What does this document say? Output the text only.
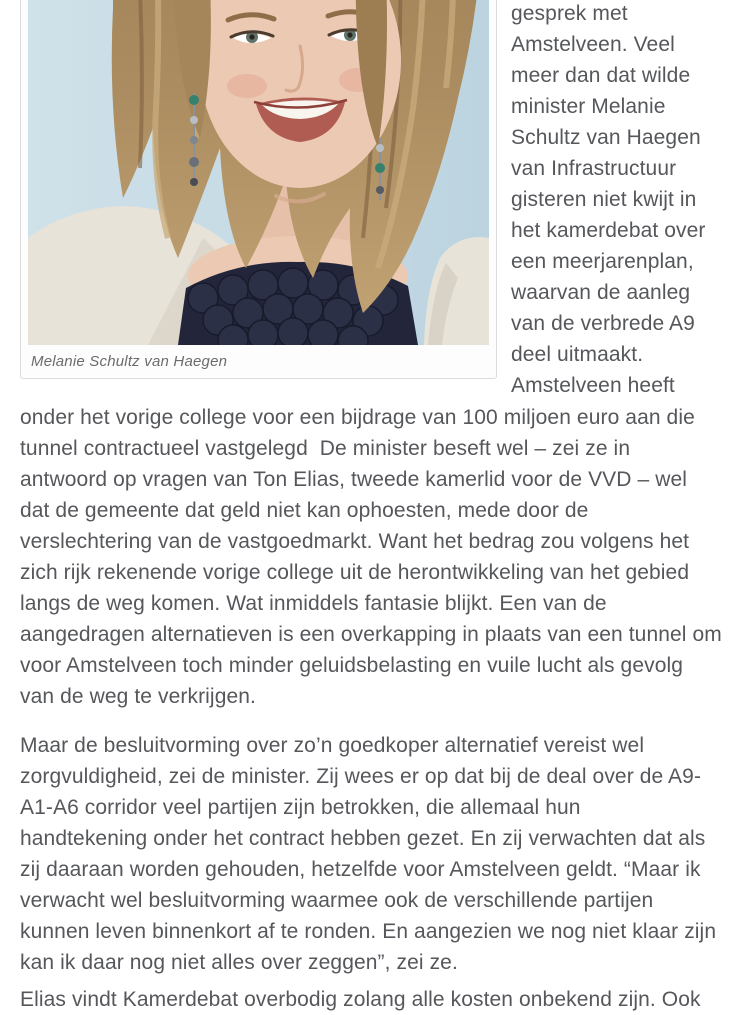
Melanie Schultz van Haegen
gesprek met
Amstelveen. Veel
meer dan dat wilde
minister Melanie
Schultz van Haegen
van Infrastructuur
gisteren niet kwijt in
het kamerdebat over
een meerjarenplan,
waarvan de aanleg
van de verbrede A9
deel uitmaakt.
Amstelveen heeft
onder het vorige college voor een bijdrage van 100 miljoen euro aan die
tunnel contractueel vastgelegd  De minister beseft wel – zei ze in
antwoord op vragen van Ton Elias, tweede kamerlid voor de VVD – wel
dat de gemeente dat geld niet kan ophoesten, mede door de
verslechtering van de vastgoedmarkt. Want het bedrag zou volgens het
zich rijk rekenende vorige college uit de herontwikkeling van het gebied
langs de weg komen. Wat inmiddels fantasie blijkt. Een van de
aangedragen alternatieven is een overkapping in plaats van een tunnel om
voor Amstelveen toch minder geluidsbelasting en vuile lucht als gevolg
van de weg te verkrijgen.
Maar de besluitvorming over zo’n goedkoper alternatief vereist wel
zorgvuldigheid, zei de minister. Zij wees er op dat bij de deal over de A9-
A1-A6 corridor veel partijen zijn betrokken, die allemaal hun
handtekening onder het contract hebben gezet. En zij verwachten dat als
zij daaraan worden gehouden, hetzelfde voor Amstelveen geldt. “Maar ik
verwacht wel besluitvorming waarmee ook de verschillende partijen
kunnen leven binnenkort af te ronden. En aangezien we nog niet klaar zijn
kan ik daar nog niet alles over zeggen”, zei ze.
Elias vindt Kamerdebat overbodig zolang alle kosten onbekend zijn. Ook
